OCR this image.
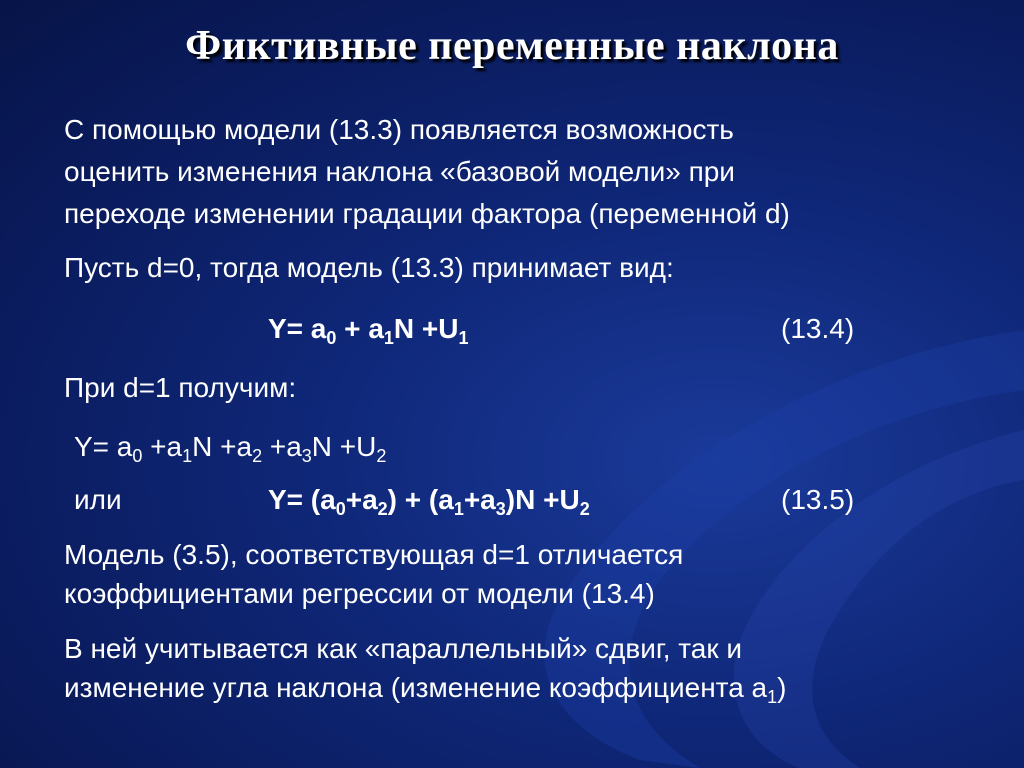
Фиктивные переменные наклона
С помощью модели (13.3) появляется возможность
оценить изменения наклона «базовой модели» при
переходе изменении градации фактора (переменной d)
Пусть d=0, тогда модель (13.3) принимает вид:
$Y= a_0 + a_1N +U_1$	(13.4)
При d=1 получим:
$Y= a_0 +a_1N +a_2 +a_3N +U_2$
или	$Y= (a_0+a_2) + (a_1+a_3)N +U_2$	(13.5)
Модель (3.5), соответствующая d=1 отличается
коэффициентами регрессии от модели (13.4)
В ней учитывается как «параллельный» сдвиг, так и
изменение угла наклона (изменение коэффициента $a_1$)
